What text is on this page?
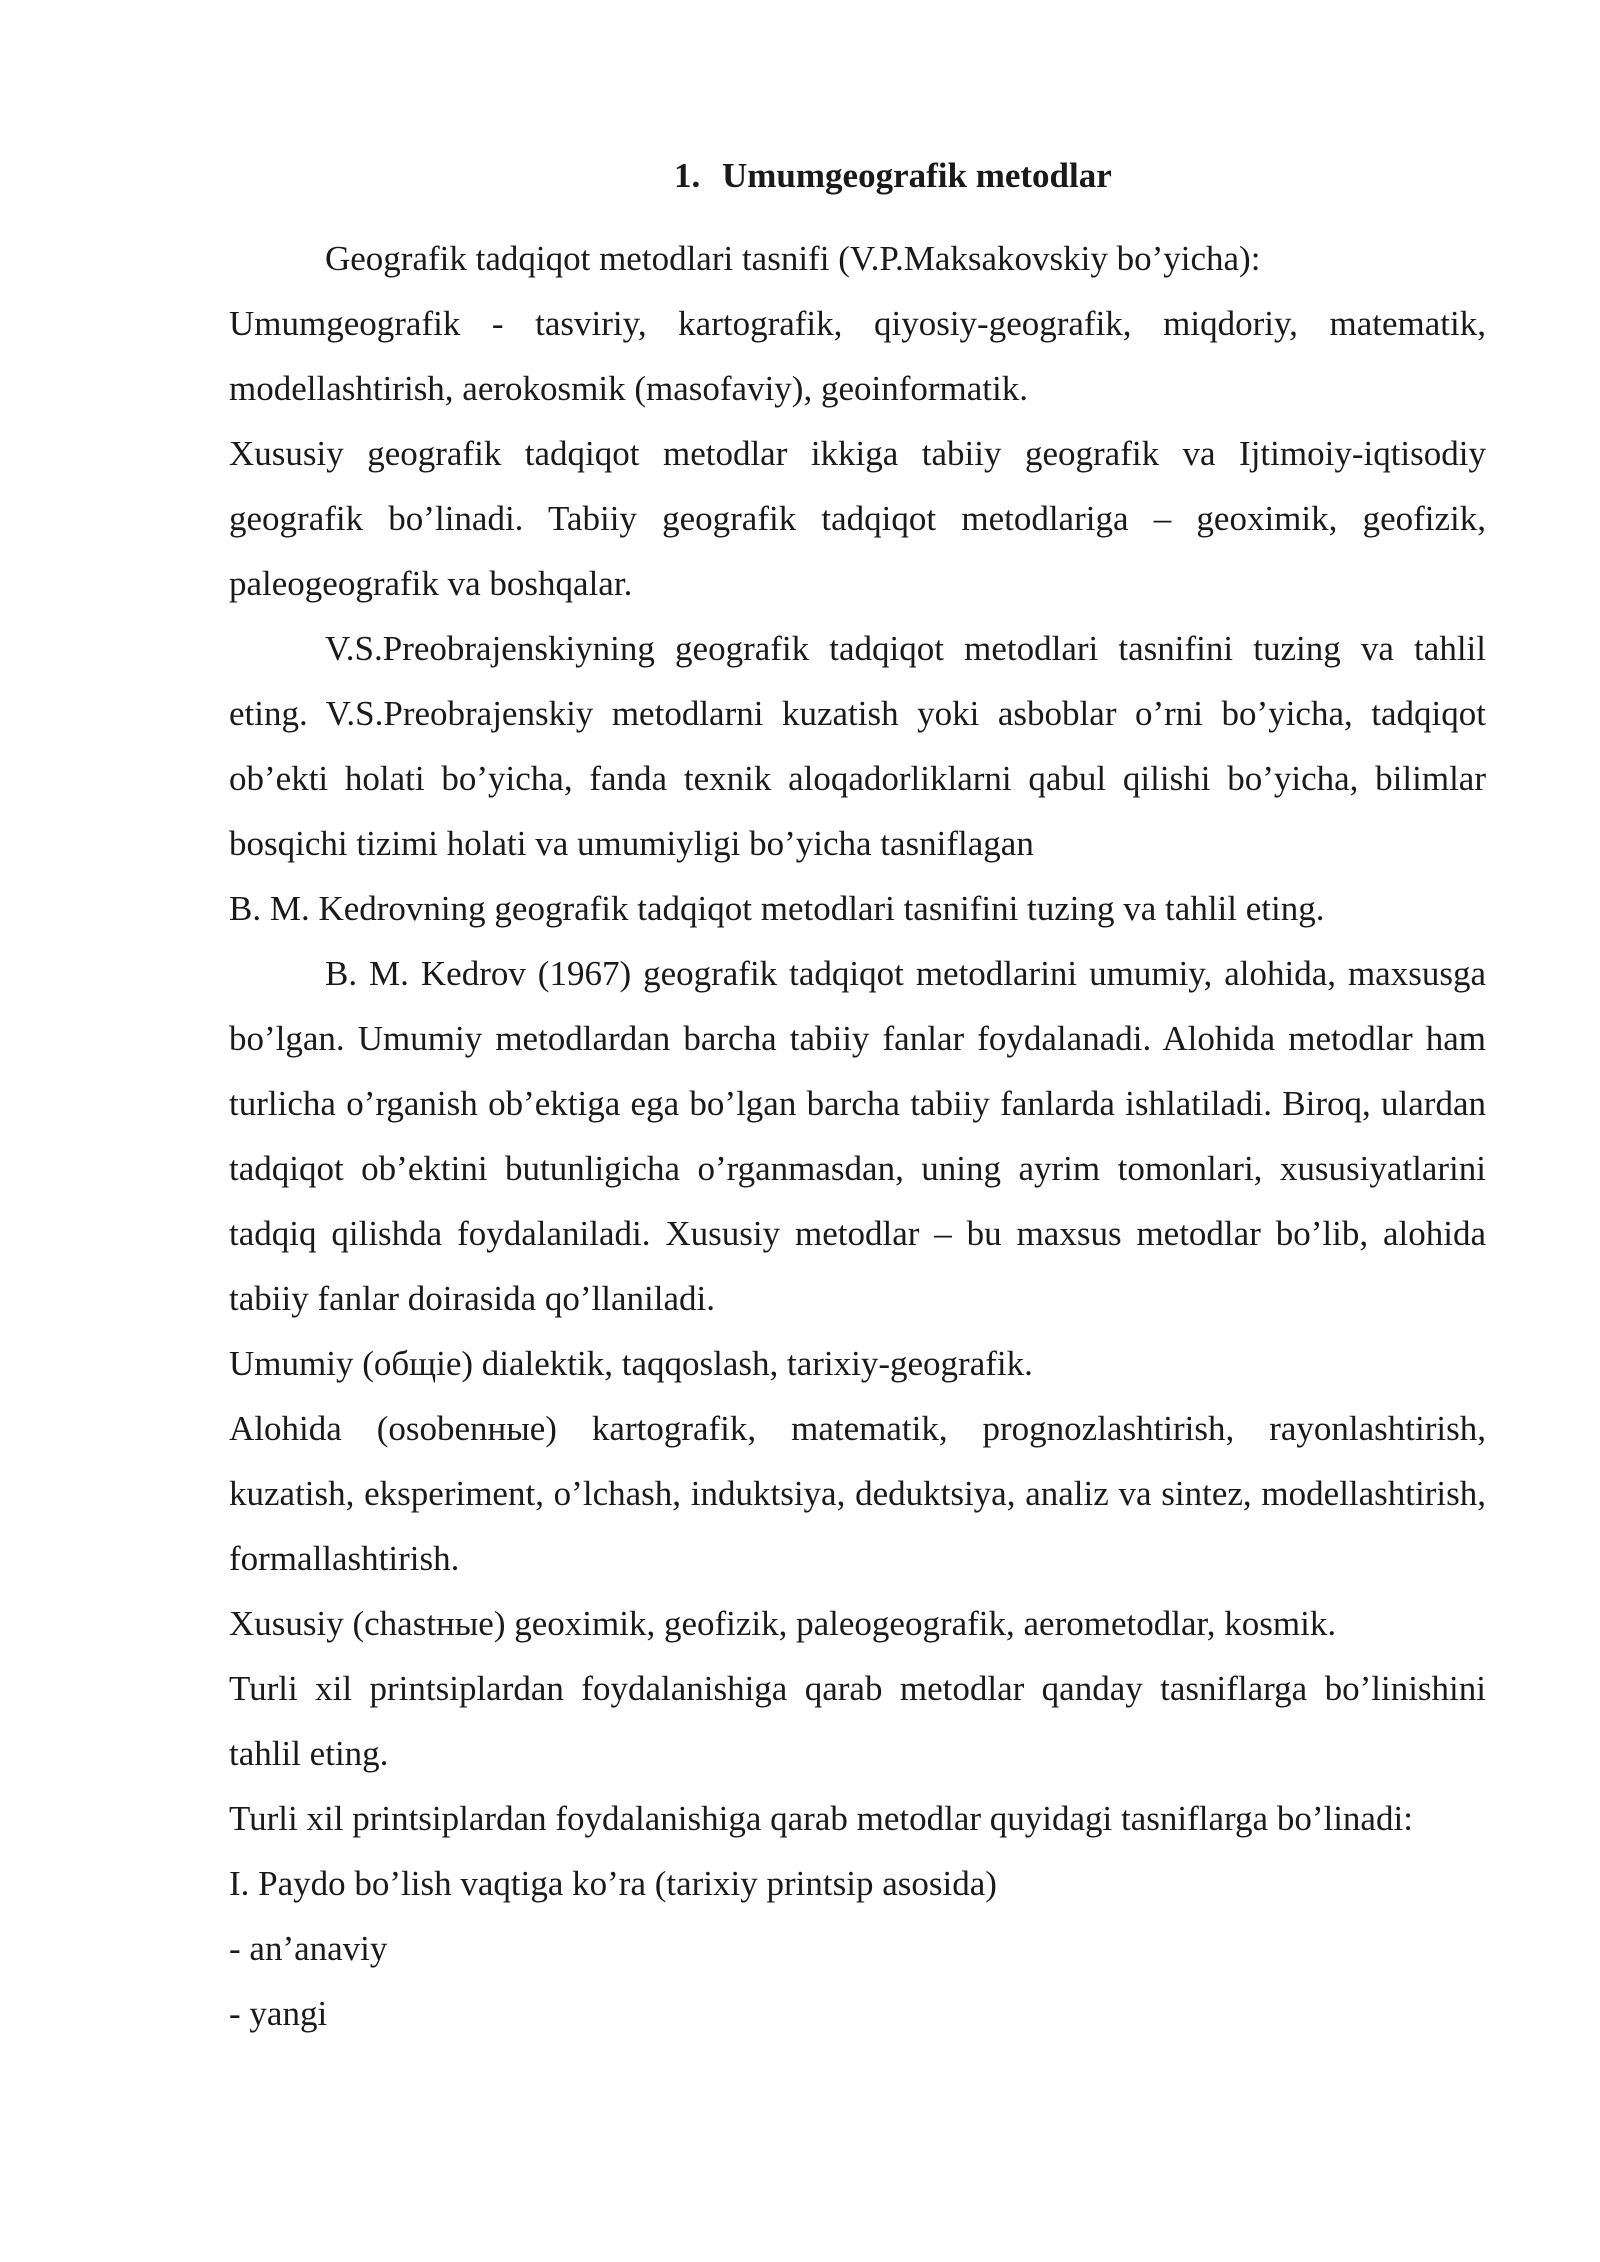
1. Umumgeografik metodlar

Geografik tadqiqot metodlari tasnifi (V.P.Maksakovskiy bo’yicha):

Umumgeografik - tasviriy, kartografik, qiyosiy-geografik, miqdoriy, matematik, modellashtirish, aerokosmik (masofaviy), geoinformatik.

Xususiy geografik tadqiqot metodlar ikkiga tabiiy geografik va Ijtimoiy-iqtisodiy geografik bo’linadi. Tabiiy geografik tadqiqot metodlariga – geoximik, geofizik, paleogeografik va boshqalar.

V.S.Preobrajenskiyning geografik tadqiqot metodlari tasnifini tuzing va tahlil eting. V.S.Preobrajenskiy metodlarni kuzatish yoki asboblar o’rni bo’yicha, tadqiqot ob’ekti holati bo’yicha, fanda texnik aloqadorliklarni qabul qilishi bo’yicha, bilimlar bosqichi tizimi holati va umumiyligi bo’yicha tasniflagan

B. M. Kedrovning geografik tadqiqot metodlari tasnifini tuzing va tahlil eting.

B. M. Kedrov (1967) geografik tadqiqot metodlarini umumiy, alohida, maxsusga bo’lgan. Umumiy metodlardan barcha tabiiy fanlar foydalanadi. Alohida metodlar ham turlicha o’rganish ob’ektiga ega bo’lgan barcha tabiiy fanlarda ishlatiladi. Biroq, ulardan tadqiqot ob’ektini butunligicha o’rganmasdan, uning ayrim tomonlari, xususiyatlarini tadqiq qilishda foydalaniladi. Xususiy metodlar – bu maxsus metodlar bo’lib, alohida tabiiy fanlar doirasida qo’llaniladi.

Umumiy (oбщie) dialektik, taqqoslash, tarixiy-geografik.

Alohida (osobenные) kartografik, matematik, prognozlashtirish, rayonlashtirish, kuzatish, eksperiment, o’lchash, induktsiya, deduktsiya, analiz va sintez, modellashtirish, formallashtirish.

Xususiy (chastные) geoximik, geofizik, paleogeografik, aerometodlar, kosmik.

Turli xil printsiplardan foydalanishiga qarab metodlar qanday tasniflarga bo’linishini tahlil eting.

Turli xil printsiplardan foydalanishiga qarab metodlar quyidagi tasniflarga bo’linadi:

I. Paydo bo’lish vaqtiga ko’ra (tarixiy printsip asosida)

- an’anaviy

- yangi
